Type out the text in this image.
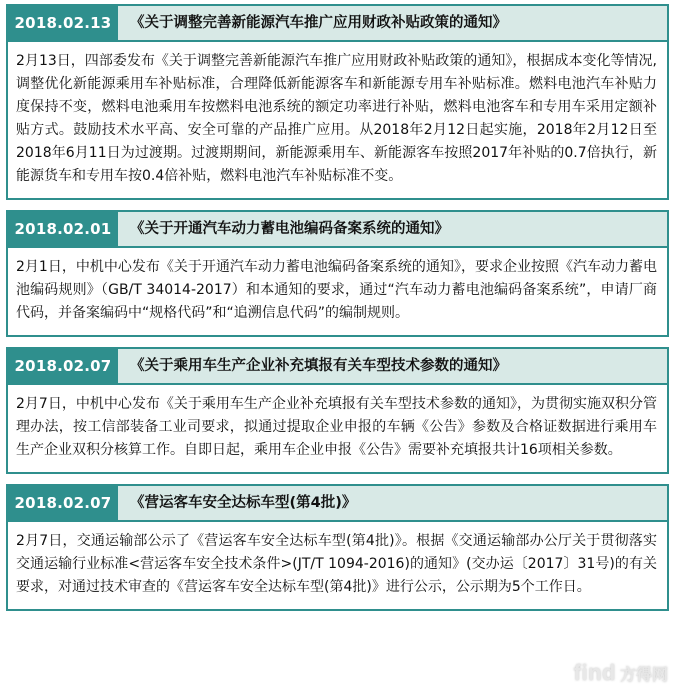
2018.02.13	《关于调整完善新能源汽车推广应用财政补贴政策的通知》
2月13日，四部委发布《关于调整完善新能源汽车推广应用财政补贴政策的通知》，根据成本变化等情况,调整优化新能源乘用车补贴标准，合理降低新能源客车和新能源专用车补贴标准。燃料电池汽车补贴力度保持不变，燃料电池乘用车按燃料电池系统的额定功率进行补贴，燃料电池客车和专用车采用定额补贴方式。鼓励技术水平高、安全可靠的产品推广应用。从2018年2月12日起实施，2018年2月12日至2018年6月11日为过渡期。过渡期期间，新能源乘用车、新能源客车按照2017年补贴的0.7倍执行，新能源货车和专用车按0.4倍补贴，燃料电池汽车补贴标准不变。
2018.02.01	《关于开通汽车动力蓄电池编码备案系统的通知》
2月1日，中机中心发布《关于开通汽车动力蓄电池编码备案系统的通知》，要求企业按照《汽车动力蓄电池编码规则》（GB/T 34014-2017）和本通知的要求，通过“汽车动力蓄电池编码备案系统”，申请厂商代码，并备案编码中“规格代码”和“追溯信息代码”的编制规则。
2018.02.07	《关于乘用车生产企业补充填报有关车型技术参数的通知》
2月7日，中机中心发布《关于乘用车生产企业补充填报有关车型技术参数的通知》，为贯彻实施双积分管理办法，按工信部装备工业司要求，拟通过提取企业申报的车辆《公告》参数及合格证数据进行乘用车生产企业双积分核算工作。自即日起，乘用车企业申报《公告》需要补充填报共计16项相关参数。
2018.02.07	《营运客车安全达标车型(第4批)》
2月7日，交通运输部公示了《营运客车安全达标车型(第4批)》。根据《交通运输部办公厅关于贯彻落实交通运输行业标准<营运客车安全技术条件>(JT/T 1094-2016)的通知》(交办运〔2017〕31号)的有关要求，对通过技术审查的《营运客车安全达标车型(第4批)》进行公示，公示期为5个工作日。
find 方得网
